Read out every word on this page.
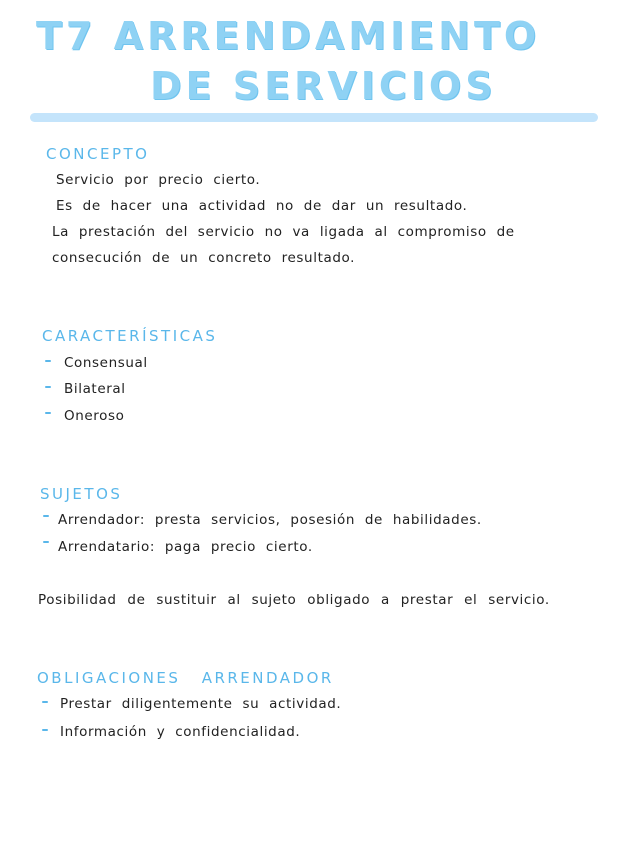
T7 ARRENDAMIENTO
DE SERVICIOS
CONCEPTO
Servicio por precio cierto.
Es de hacer una actividad no de dar un resultado.
La prestación del servicio no va ligada al compromiso de
consecución de un concreto resultado.
CARACTERÍSTICAS
Consensual
Bilateral
Oneroso
SUJETOS
Arrendador: presta servicios, posesión de habilidades.
Arrendatario: paga precio cierto.
Posibilidad de sustituir al sujeto obligado a prestar el servicio.
OBLIGACIONES ARRENDADOR
Prestar diligentemente su actividad.
Información y confidencialidad.
